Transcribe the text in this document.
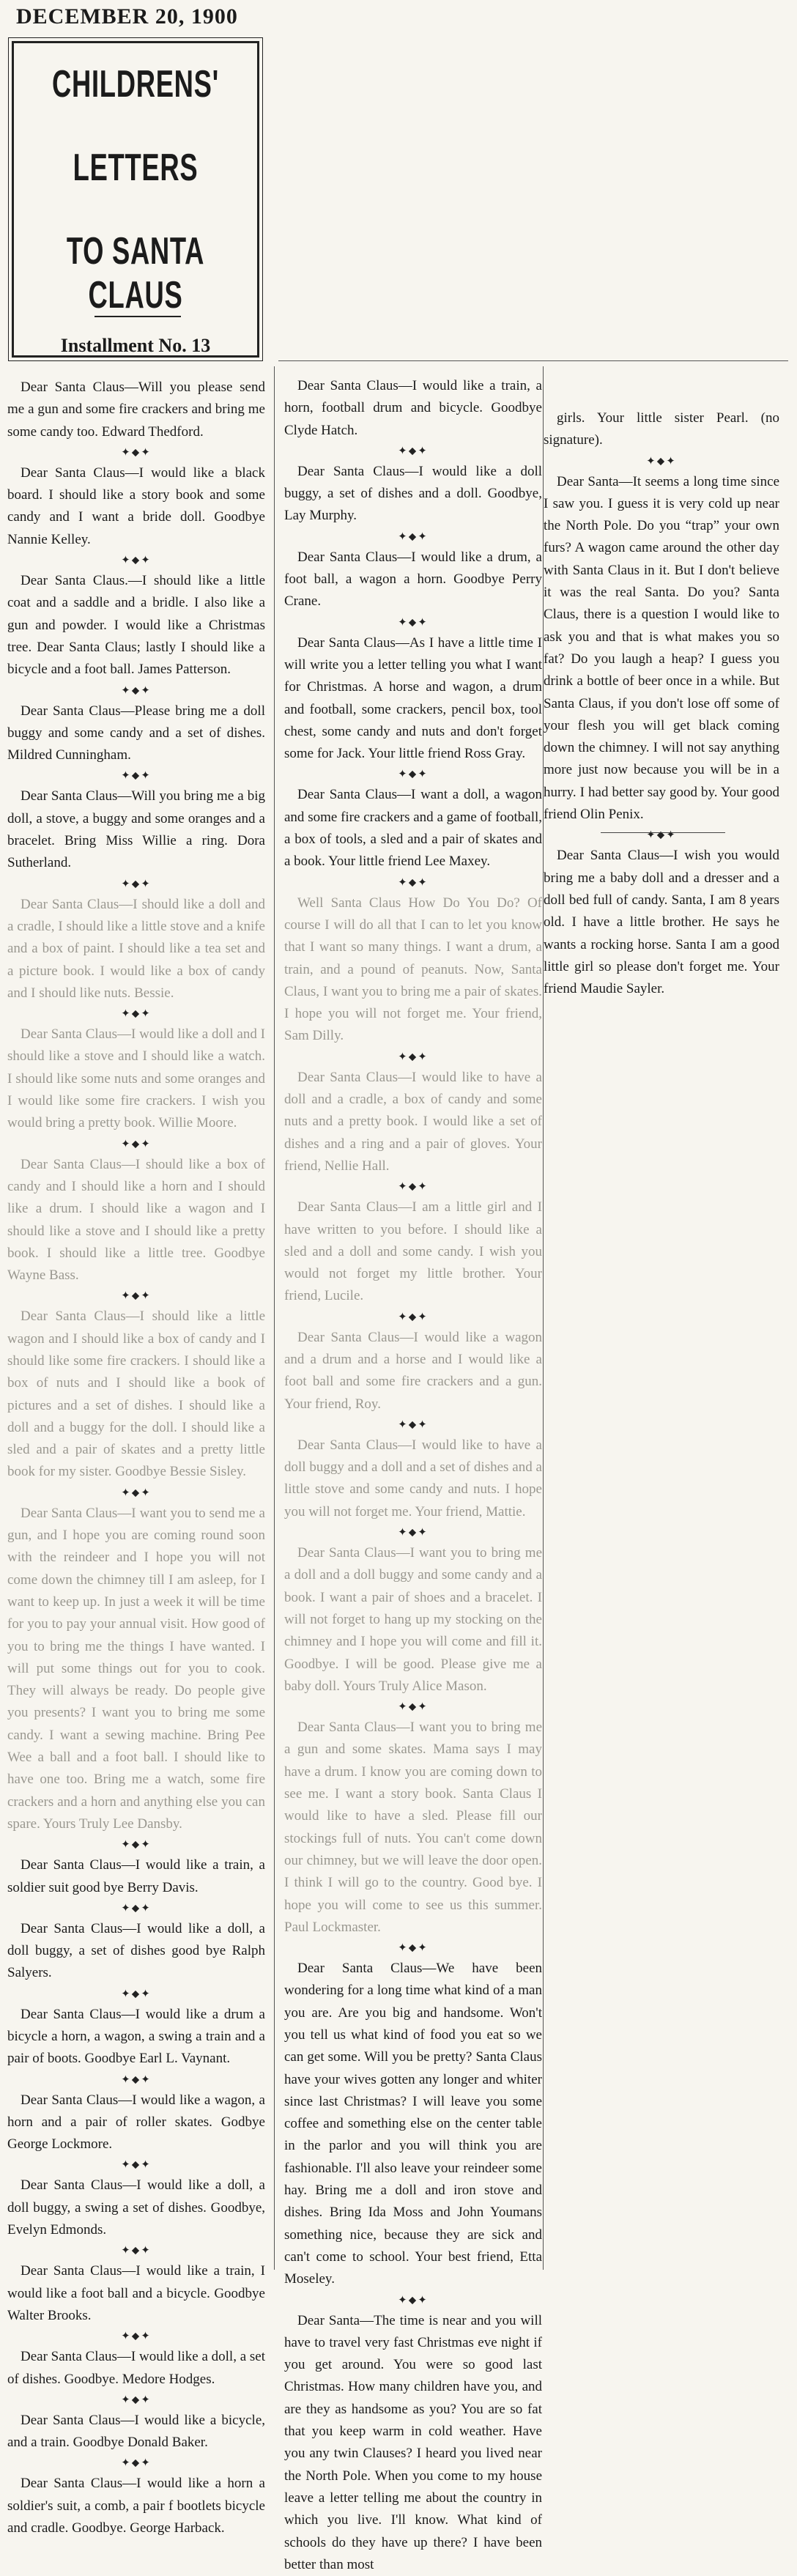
DECEMBER 20, 1900
CHILDRENS'
LETTERS
TO SANTA CLAUS
Installment No. 13

Dear Santa Claus—Will you please send me a gun and some fire crackers and bring me some candy too. Edward Thedford.

✦⬥✦

Dear Santa Claus—I would like a black board. I should like a story book and some candy and I want a bride doll. Goodbye Nannie Kelley.

✦⬥✦

Dear Santa Claus.—I should like a little coat and a saddle and a bridle. I also like a gun and powder. I would like a Christmas tree. Dear Santa Claus; lastly I should like a bicycle and a foot ball. James Patterson.

✦⬥✦

Dear Santa Claus—Please bring me a doll buggy and some candy and a set of dishes. Mildred Cunningham.

✦⬥✦

Dear Santa Claus—Will you bring me a big doll, a stove, a buggy and some oranges and a bracelet. Bring Miss Willie a ring. Dora Sutherland.

✦⬥✦

Dear Santa Claus—I should like a doll and a cradle, I should like a little stove and a knife and a box of paint. I should like a tea set and a picture book. I would like a box of candy and I should like nuts. Bessie.

✦⬥✦

Dear Santa Claus—I would like a doll and I should like a stove and I should like a watch. I should like some nuts and some oranges and I would like some fire crackers. I wish you would bring a pretty book. Willie Moore.

✦⬥✦

Dear Santa Claus—I should like a box of candy and I should like a horn and I should like a drum. I should like a wagon and I should like a stove and I should like a pretty book. I should like a little tree. Goodbye Wayne Bass.

✦⬥✦

Dear Santa Claus—I should like a little wagon and I should like a box of candy and I should like some fire crackers. I should like a box of nuts and I should like a book of pictures and a set of dishes. I should like a doll and a buggy for the doll. I should like a sled and a pair of skates and a pretty little book for my sister. Goodbye Bessie Sisley.

✦⬥✦

Dear Santa Claus—I want you to send me a gun, and I hope you are coming round soon with the reindeer and I hope you will not come down the chimney till I am asleep, for I want to keep up. In just a week it will be time for you to pay your annual visit. How good of you to bring me the things I have wanted. I will put some things out for you to cook. They will always be ready. Do people give you presents? I want you to bring me some candy. I want a sewing machine. Bring Pee Wee a ball and a foot ball. I should like to have one too. Bring me a watch, some fire crackers and a horn and anything else you can spare. Yours Truly Lee Dansby.

✦⬥✦

Dear Santa Claus—I would like a train, a soldier suit good bye Berry Davis.

✦⬥✦

Dear Santa Claus—I would like a doll, a doll buggy, a set of dishes good bye Ralph Salyers.

✦⬥✦

Dear Santa Claus—I would like a drum a bicycle a horn, a wagon, a swing a train and a pair of boots. Goodbye Earl L. Vaynant.

✦⬥✦

Dear Santa Claus—I would like a wagon, a horn and a pair of roller skates. Godbye George Lockmore.

✦⬥✦

Dear Santa Claus—I would like a doll, a doll buggy, a swing a set of dishes. Goodbye, Evelyn Edmonds.

✦⬥✦

Dear Santa Claus—I would like a train, I would like a foot ball and a bicycle. Goodbye Walter Brooks.

✦⬥✦

Dear Santa Claus—I would like a doll, a set of dishes. Goodbye. Medore Hodges.

✦⬥✦

Dear Santa Claus—I would like a bicycle, and a train. Goodbye Donald Baker.

✦⬥✦

Dear Santa Claus—I would like a horn a soldier's suit, a comb, a pair f bootlets bicycle and cradle. Goodbye. George Harback.

Dear Santa Claus—I would like a train, a horn, football drum and bicycle. Goodbye Clyde Hatch.

✦⬥✦

Dear Santa Claus—I would like a doll buggy, a set of dishes and a doll. Goodbye, Lay Murphy.

✦⬥✦

Dear Santa Claus—I would like a drum, a foot ball, a wagon a horn. Goodbye Perry Crane.

✦⬥✦

Dear Santa Claus—As I have a little time I will write you a letter telling you what I want for Christmas. A horse and wagon, a drum and football, some crackers, pencil box, tool chest, some candy and nuts and don't forget some for Jack. Your little friend Ross Gray.

✦⬥✦

Dear Santa Claus—I want a doll, a wagon and some fire crackers and a game of football, a box of tools, a sled and a pair of skates and a book. Your little friend Lee Maxey.

✦⬥✦

Well Santa Claus How Do You Do? Of course I will do all that I can to let you know that I want so many things. I want a drum, a train, and a pound of peanuts. Now, Santa Claus, I want you to bring me a pair of skates. I hope you will not forget me. Your friend, Sam Dilly.

✦⬥✦

Dear Santa Claus—I would like to have a doll and a cradle, a box of candy and some nuts and a pretty book. I would like a set of dishes and a ring and a pair of gloves. Your friend, Nellie Hall.

✦⬥✦

Dear Santa Claus—I am a little girl and I have written to you before. I should like a sled and a doll and some candy. I wish you would not forget my little brother. Your friend, Lucile.

✦⬥✦

Dear Santa Claus—I would like a wagon and a drum and a horse and I would like a foot ball and some fire crackers and a gun. Your friend, Roy.

✦⬥✦

Dear Santa Claus—I would like to have a doll buggy and a doll and a set of dishes and a little stove and some candy and nuts. I hope you will not forget me. Your friend, Mattie.

✦⬥✦

Dear Santa Claus—I want you to bring me a doll and a doll buggy and some candy and a book. I want a pair of shoes and a bracelet. I will not forget to hang up my stocking on the chimney and I hope you will come and fill it. Goodbye. I will be good. Please give me a baby doll. Yours Truly Alice Mason.

✦⬥✦

Dear Santa Claus—I want you to bring me a gun and some skates. Mama says I may have a drum. I know you are coming down to see me. I want a story book. Santa Claus I would like to have a sled. Please fill our stockings full of nuts. You can't come down our chimney, but we will leave the door open. I think I will go to the country. Good bye. I hope you will come to see us this summer. Paul Lockmaster.

✦⬥✦

Dear Santa Claus—We have been wondering for a long time what kind of a man you are. Are you big and handsome. Won't you tell us what kind of food you eat so we can get some. Will you be pretty? Santa Claus have your wives gotten any longer and whiter since last Christmas? I will leave you some coffee and something else on the center table in the parlor and you will think you are fashionable. I'll also leave your reindeer some hay. Bring me a doll and iron stove and dishes. Bring Ida Moss and John Youmans something nice, because they are sick and can't come to school. Your best friend, Etta Moseley.

✦⬥✦

Dear Santa—The time is near and you will have to travel very fast Christmas eve night if you get around. You were so good last Christmas. How many children have you, and are they as handsome as you? You are so fat that you keep warm in cold weather. Have you any twin Clauses? I heard you lived near the North Pole. When you come to my house leave a letter telling me about the country in which you live. I'll know. What kind of schools do they have up there? I have been better than most

girls. Your little sister Pearl. (no signature).

✦⬥✦

Dear Santa—It seems a long time since I saw you. I guess it is very cold up near the North Pole. Do you “trap” your own furs? A wagon came around the other day with Santa Claus in it. But I don't believe it was the real Santa. Do you? Santa Claus, there is a question I would like to ask you and that is what makes you so fat? Do you laugh a heap? I guess you drink a bottle of beer once in a while. But Santa Claus, if you don't lose off some of your flesh you will get black coming down the chimney. I will not say anything more just now because you will be in a hurry. I had better say good by. Your good friend Olin Penix.

✦⬥✦

Dear Santa Claus—I wish you would bring me a baby doll and a dresser and a doll bed full of candy. Santa, I am 8 years old. I have a little brother. He says he wants a rocking horse. Santa I am a good little girl so please don't forget me. Your friend Maudie Sayler.
